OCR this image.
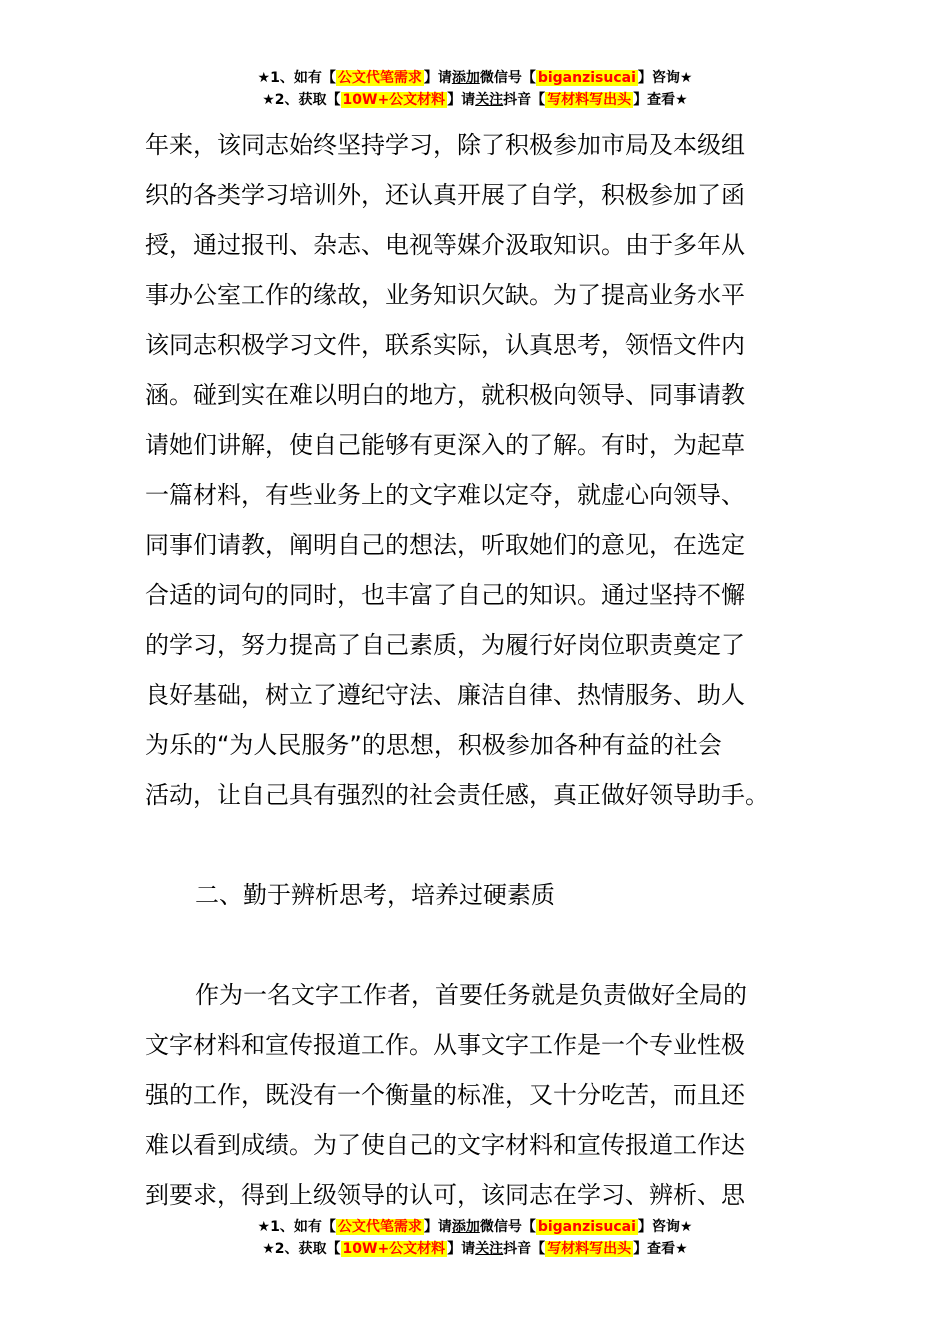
★1、如有【 公文代笔需求 】请添加微信号【 biganzisucai 】咨询★
★2、获取【 10W+公文材料 】请关注抖音【 写材料写出头 】查看★

年来，该同志始终坚持学习，除了积极参加市局及本级组
织的各类学习培训外，还认真开展了自学，积极参加了函
授，通过报刊、杂志、电视等媒介汲取知识。由于多年从
事办公室工作的缘故，业务知识欠缺。为了提高业务水平
该同志积极学习文件，联系实际，认真思考，领悟文件内
涵。碰到实在难以明白的地方，就积极向领导、同事请教
请她们讲解，使自己能够有更深入的了解。有时，为起草
一篇材料，有些业务上的文字难以定夺，就虚心向领导、
同事们请教，阐明自己的想法，听取她们的意见，在选定
合适的词句的同时，也丰富了自己的知识。通过坚持不懈
的学习，努力提高了自己素质，为履行好岗位职责奠定了
良好基础，树立了遵纪守法、廉洁自律、热情服务、助人
为乐的“为人民服务”的思想，积极参加各种有益的社会
活动，让自己具有强烈的社会责任感，真正做好领导助手。

二、勤于辨析思考，培养过硬素质

作为一名文字工作者，首要任务就是负责做好全局的
文字材料和宣传报道工作。从事文字工作是一个专业性极
强的工作，既没有一个衡量的标准，又十分吃苦，而且还
难以看到成绩。为了使自己的文字材料和宣传报道工作达
到要求，得到上级领导的认可，该同志在学习、辨析、思

★1、如有【 公文代笔需求 】请添加微信号【 biganzisucai 】咨询★
★2、获取【 10W+公文材料 】请关注抖音【 写材料写出头 】查看★
